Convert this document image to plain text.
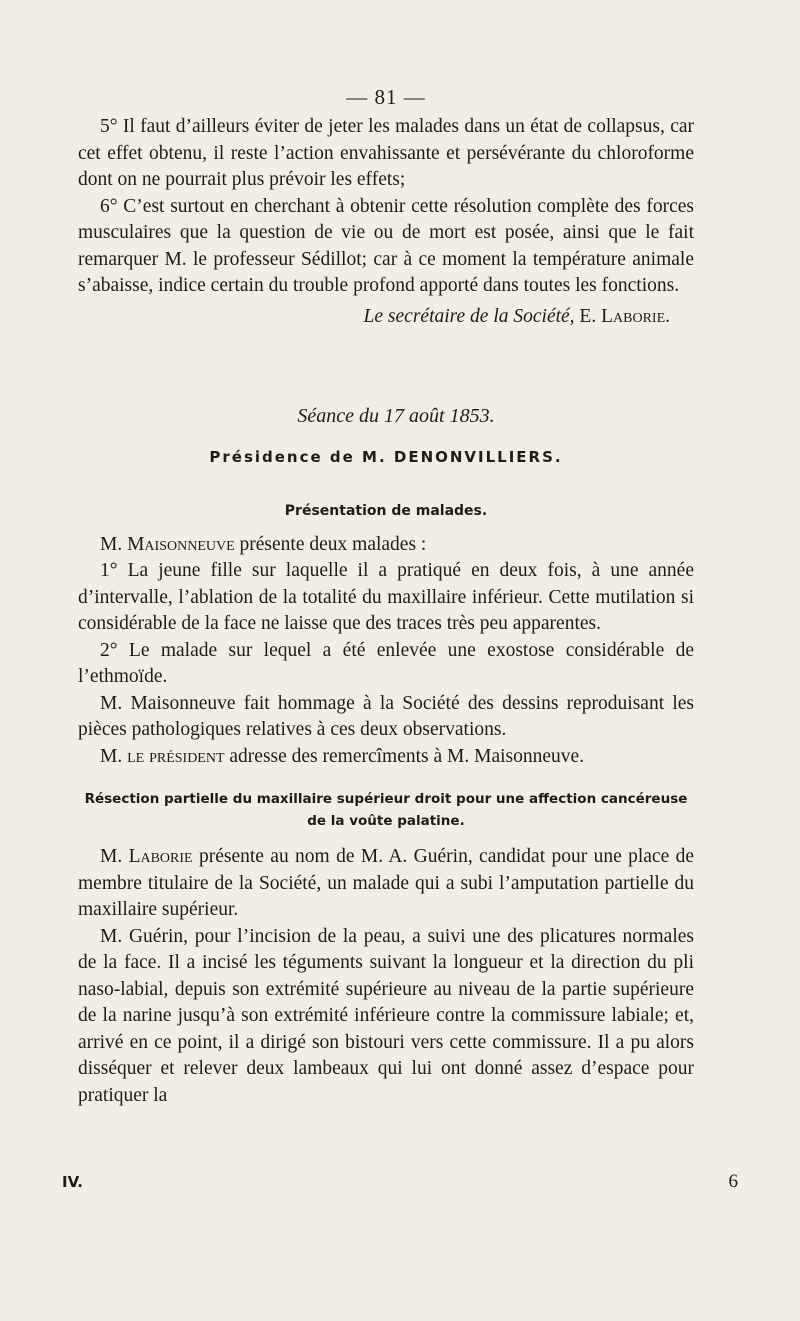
— 81 —

5° Il faut d’ailleurs éviter de jeter les malades dans un état de collapsus, car cet effet obtenu, il reste l’action envahissante et persévérante du chloroforme dont on ne pourrait plus prévoir les effets;

6° C’est surtout en cherchant à obtenir cette résolution complète des forces musculaires que la question de vie ou de mort est posée, ainsi que le fait remarquer M. le professeur Sédillot; car à ce moment la température animale s’abaisse, indice certain du trouble profond apporté dans toutes les fonctions.

Le secrétaire de la Société, E. Laborie.
Séance du 17 août 1853.
Présidence de M. DENONVILLIERS.
Présentation de malades.

M. Maisonneuve présente deux malades :

1° La jeune fille sur laquelle il a pratiqué en deux fois, à une année d’intervalle, l’ablation de la totalité du maxillaire inférieur. Cette mutilation si considérable de la face ne laisse que des traces très peu apparentes.

2° Le malade sur lequel a été enlevée une exostose considérable de l’ethmoïde.

M. Maisonneuve fait hommage à la Société des dessins reproduisant les pièces pathologiques relatives à ces deux observations.

M. le président adresse des remercîments à M. Maisonneuve.

Résection partielle du maxillaire supérieur droit pour une affection cancéreuse de la voûte palatine.

M. Laborie présente au nom de M. A. Guérin, candidat pour une place de membre titulaire de la Société, un malade qui a subi l’amputation partielle du maxillaire supérieur.

M. Guérin, pour l’incision de la peau, a suivi une des plicatures normales de la face. Il a incisé les téguments suivant la longueur et la direction du pli naso-labial, depuis son extrémité supérieure au niveau de la partie supérieure de la narine jusqu’à son extrémité inférieure contre la commissure labiale; et, arrivé en ce point, il a dirigé son bistouri vers cette commissure. Il a pu alors disséquer et relever deux lambeaux qui lui ont donné assez d’espace pour pratiquer la

IV.	6
